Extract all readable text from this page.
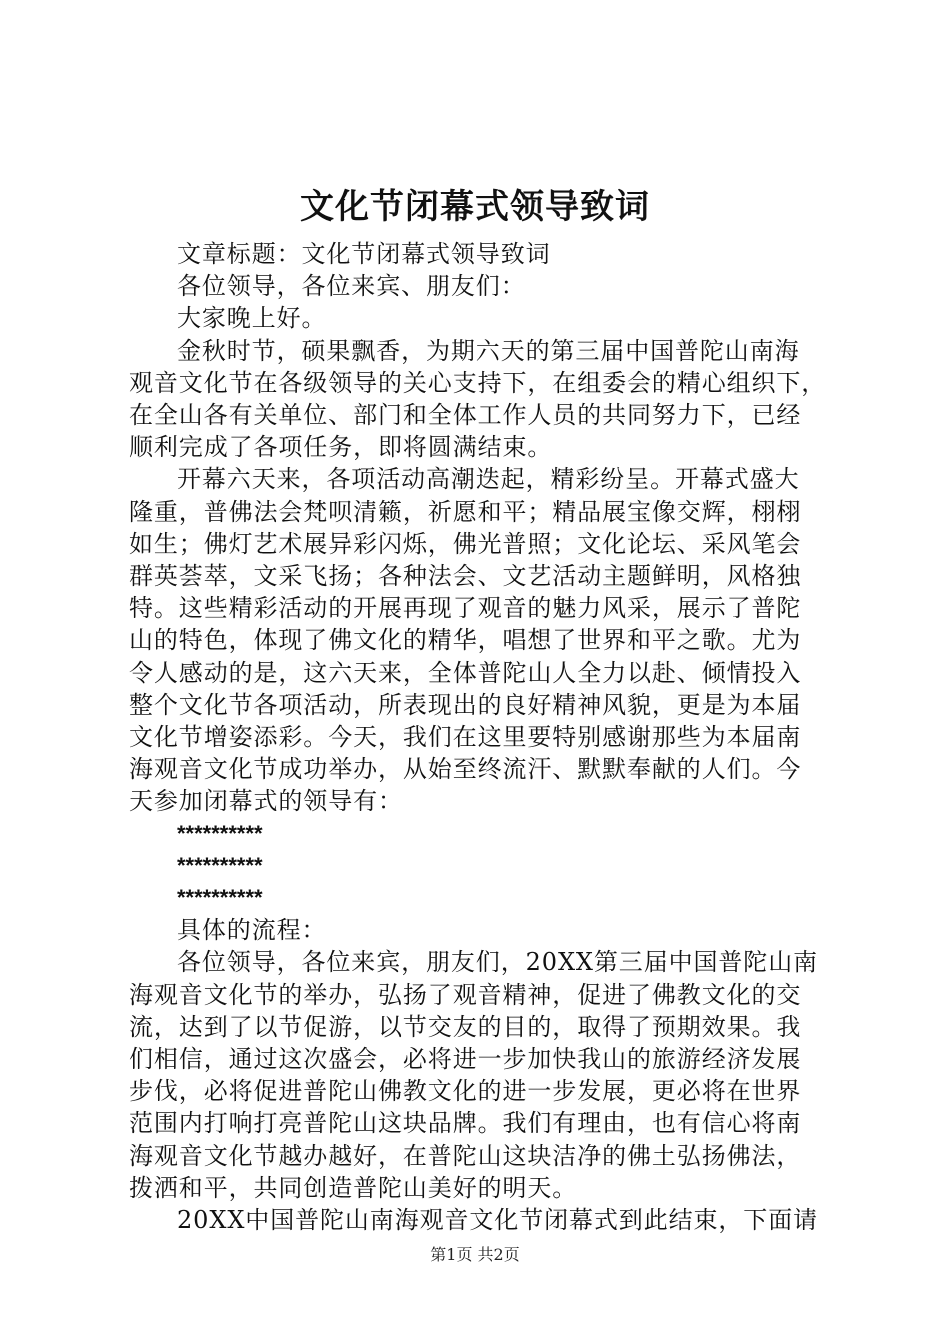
文化节闭幕式领导致词

文章标题：文化节闭幕式领导致词

各位领导，各位来宾、朋友们：

大家晚上好。

金秋时节，硕果飘香，为期六天的第三届中国普陀山南海
观音文化节在各级领导的关心支持下，在组委会的精心组织下，
在全山各有关单位、部门和全体工作人员的共同努力下，已经
顺利完成了各项任务，即将圆满结束。

开幕六天来，各项活动高潮迭起，精彩纷呈。开幕式盛大
隆重，普佛法会梵呗清籁，祈愿和平；精品展宝像交辉，栩栩
如生；佛灯艺术展异彩闪烁，佛光普照；文化论坛、采风笔会
群英荟萃，文采飞扬；各种法会、文艺活动主题鲜明，风格独
特。这些精彩活动的开展再现了观音的魅力风采，展示了普陀
山的特色，体现了佛文化的精华，唱想了世界和平之歌。尤为
令人感动的是，这六天来，全体普陀山人全力以赴、倾情投入
整个文化节各项活动，所表现出的良好精神风貌，更是为本届
文化节增姿添彩。今天，我们在这里要特别感谢那些为本届南
海观音文化节成功举办，从始至终流汗、默默奉献的人们。今
天参加闭幕式的领导有：

**********

**********

**********

具体的流程：

各位领导，各位来宾，朋友们，20XX第三届中国普陀山南
海观音文化节的举办，弘扬了观音精神，促进了佛教文化的交
流，达到了以节促游，以节交友的目的，取得了预期效果。我
们相信，通过这次盛会，必将进一步加快我山的旅游经济发展
步伐，必将促进普陀山佛教文化的进一步发展，更必将在世界
范围内打响打亮普陀山这块品牌。我们有理由，也有信心将南
海观音文化节越办越好，在普陀山这块洁净的佛土弘扬佛法，
拨洒和平，共同创造普陀山美好的明天。

20XX中国普陀山南海观音文化节闭幕式到此结束，下面请

第1页 共2页
